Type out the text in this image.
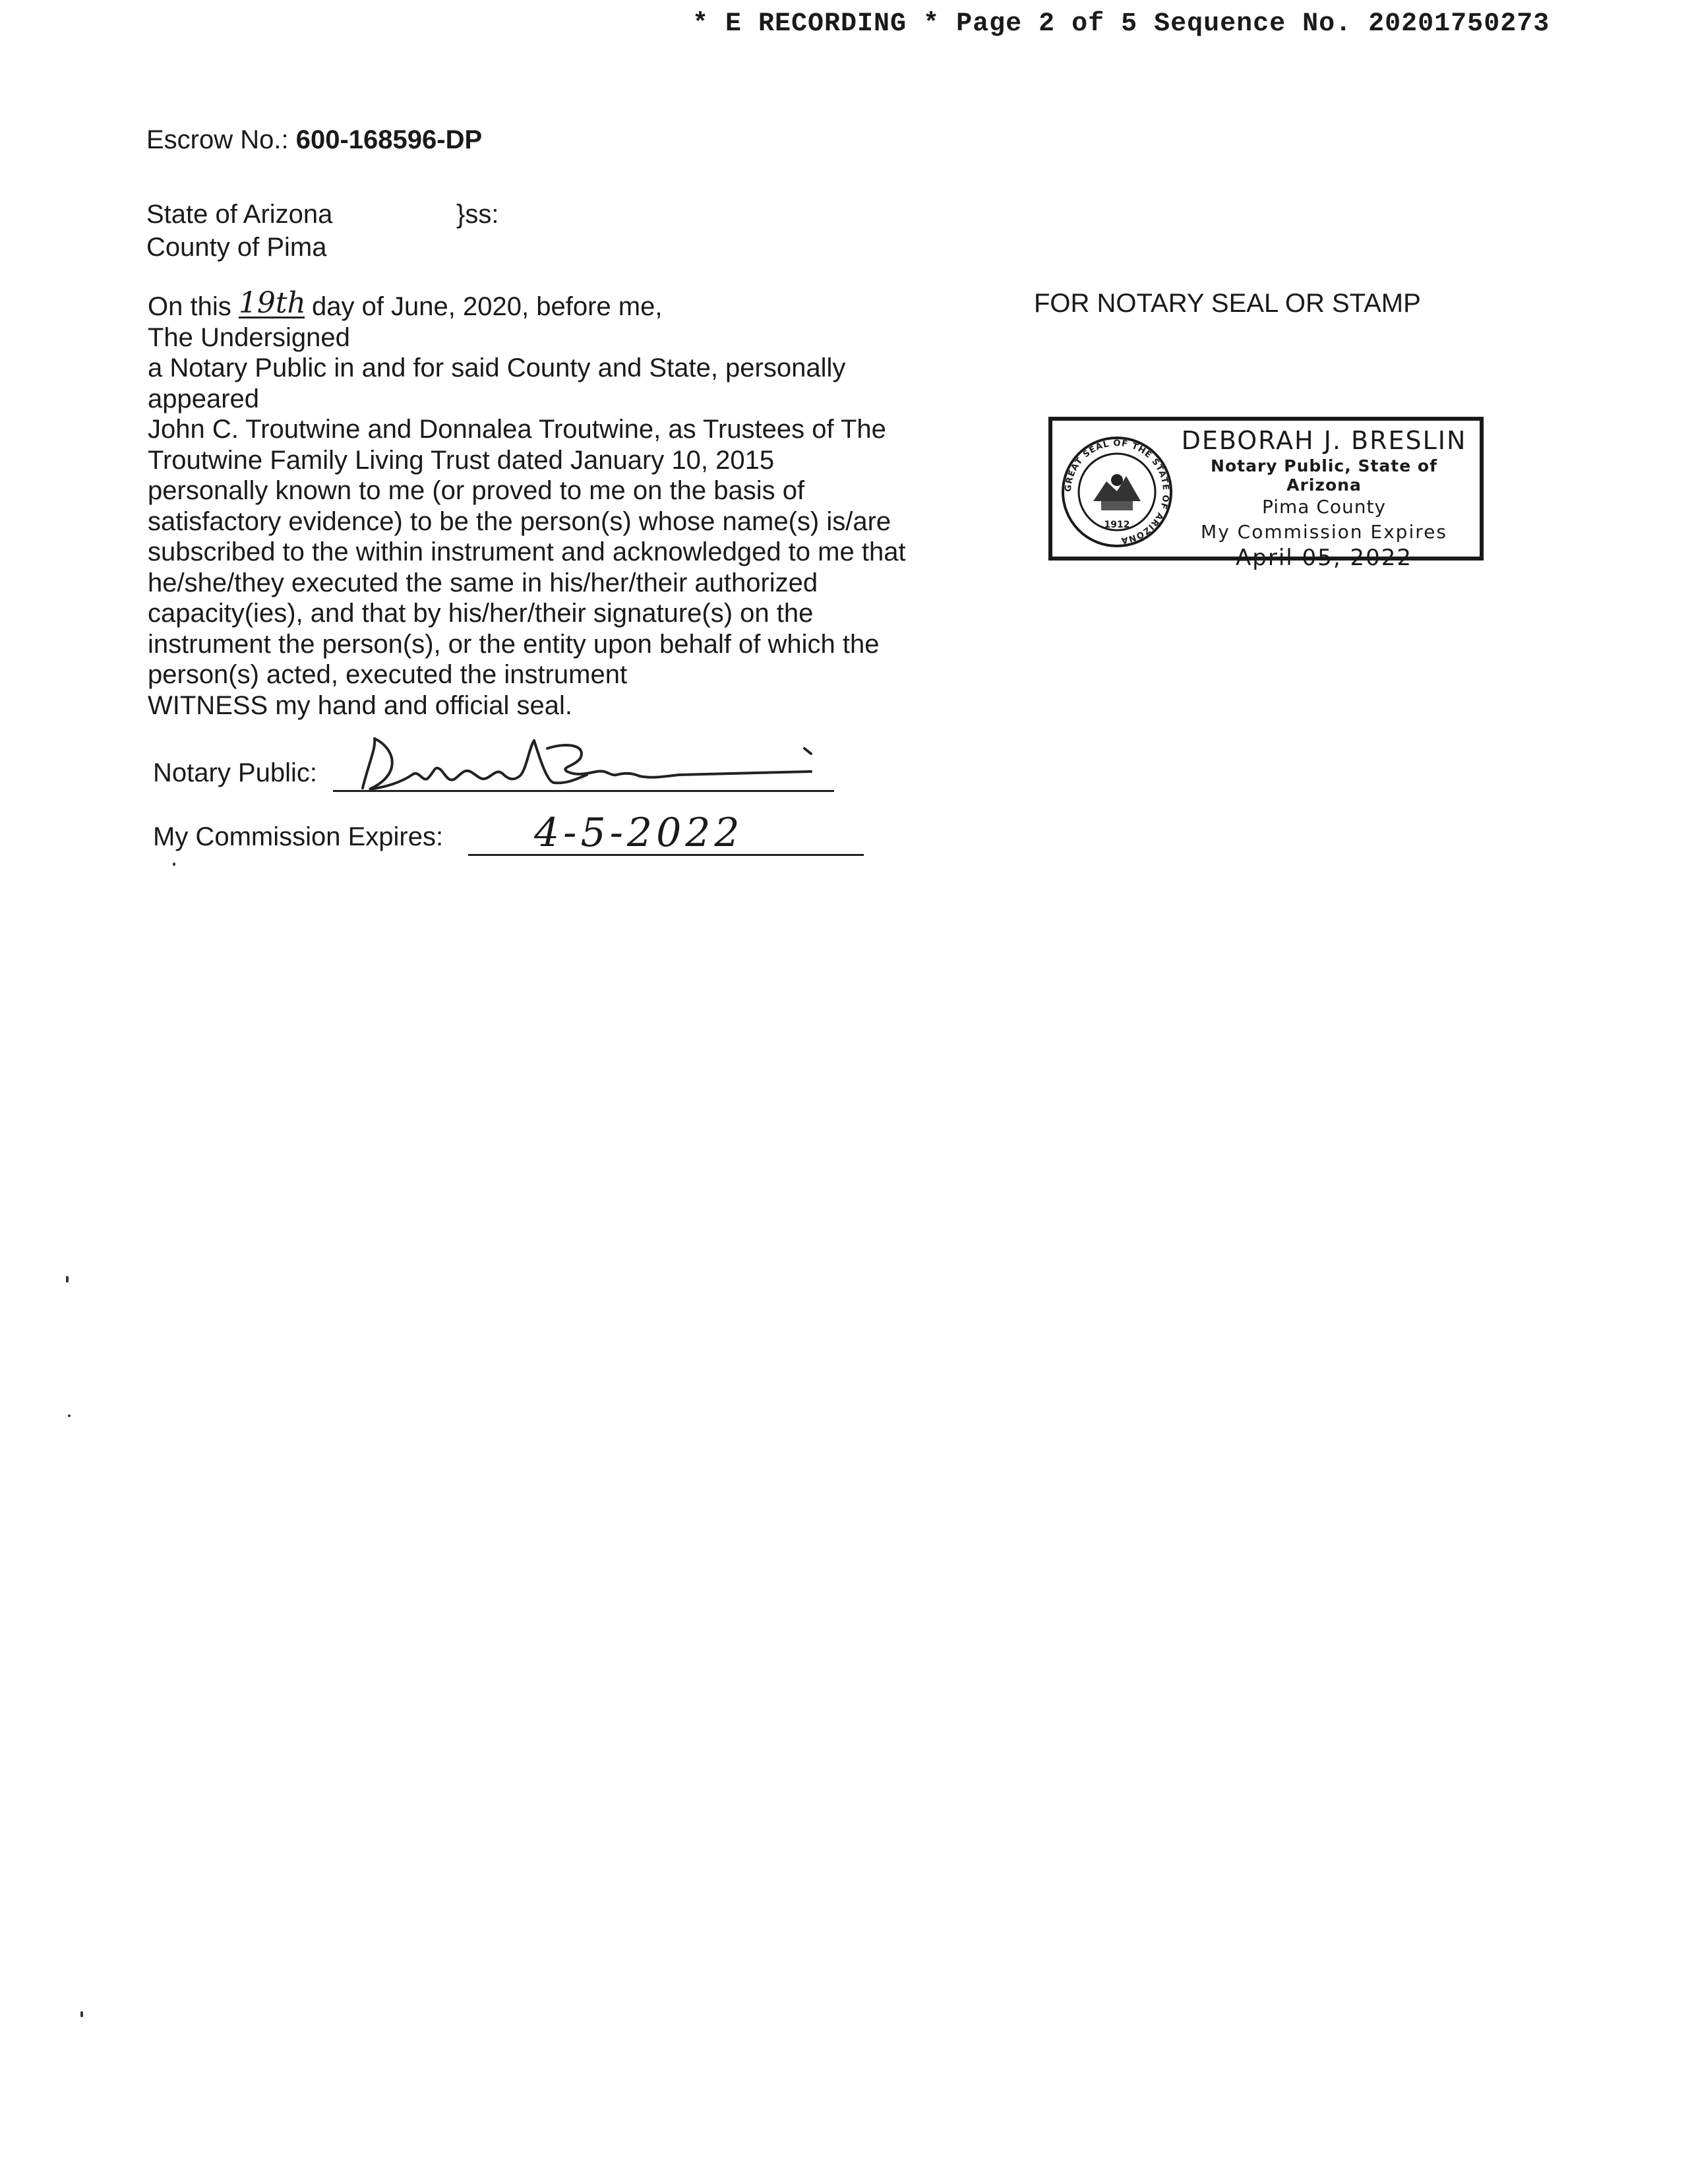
* E RECORDING * Page 2 of 5 Sequence No. 20201750273
Escrow No.: 600-168596-DP
State of Arizona
County of Pima
}ss:
On this 19th day of June, 2020, before me,
The Undersigned
a Notary Public in and for said County and State, personally
appeared
John C. Troutwine and Donnalea Troutwine, as Trustees of The
Troutwine Family Living Trust dated January 10, 2015
personally known to me (or proved to me on the basis of
satisfactory evidence) to be the person(s) whose name(s) is/are
subscribed to the within instrument and acknowledged to me that
he/she/they executed the same in his/her/their authorized
capacity(ies), and that by his/her/their signature(s) on the
instrument the person(s), or the entity upon behalf of which the
person(s) acted, executed the instrument
WITNESS my hand and official seal.
Notary Public:
My Commission Expires: 4-5-2022
FOR NOTARY SEAL OR STAMP
GREAT SEAL OF THE STATE OF ARIZONA
1912
DEBORAH J. BRESLIN
Notary Public, State of Arizona
Pima County
My Commission Expires
April 05, 2022
